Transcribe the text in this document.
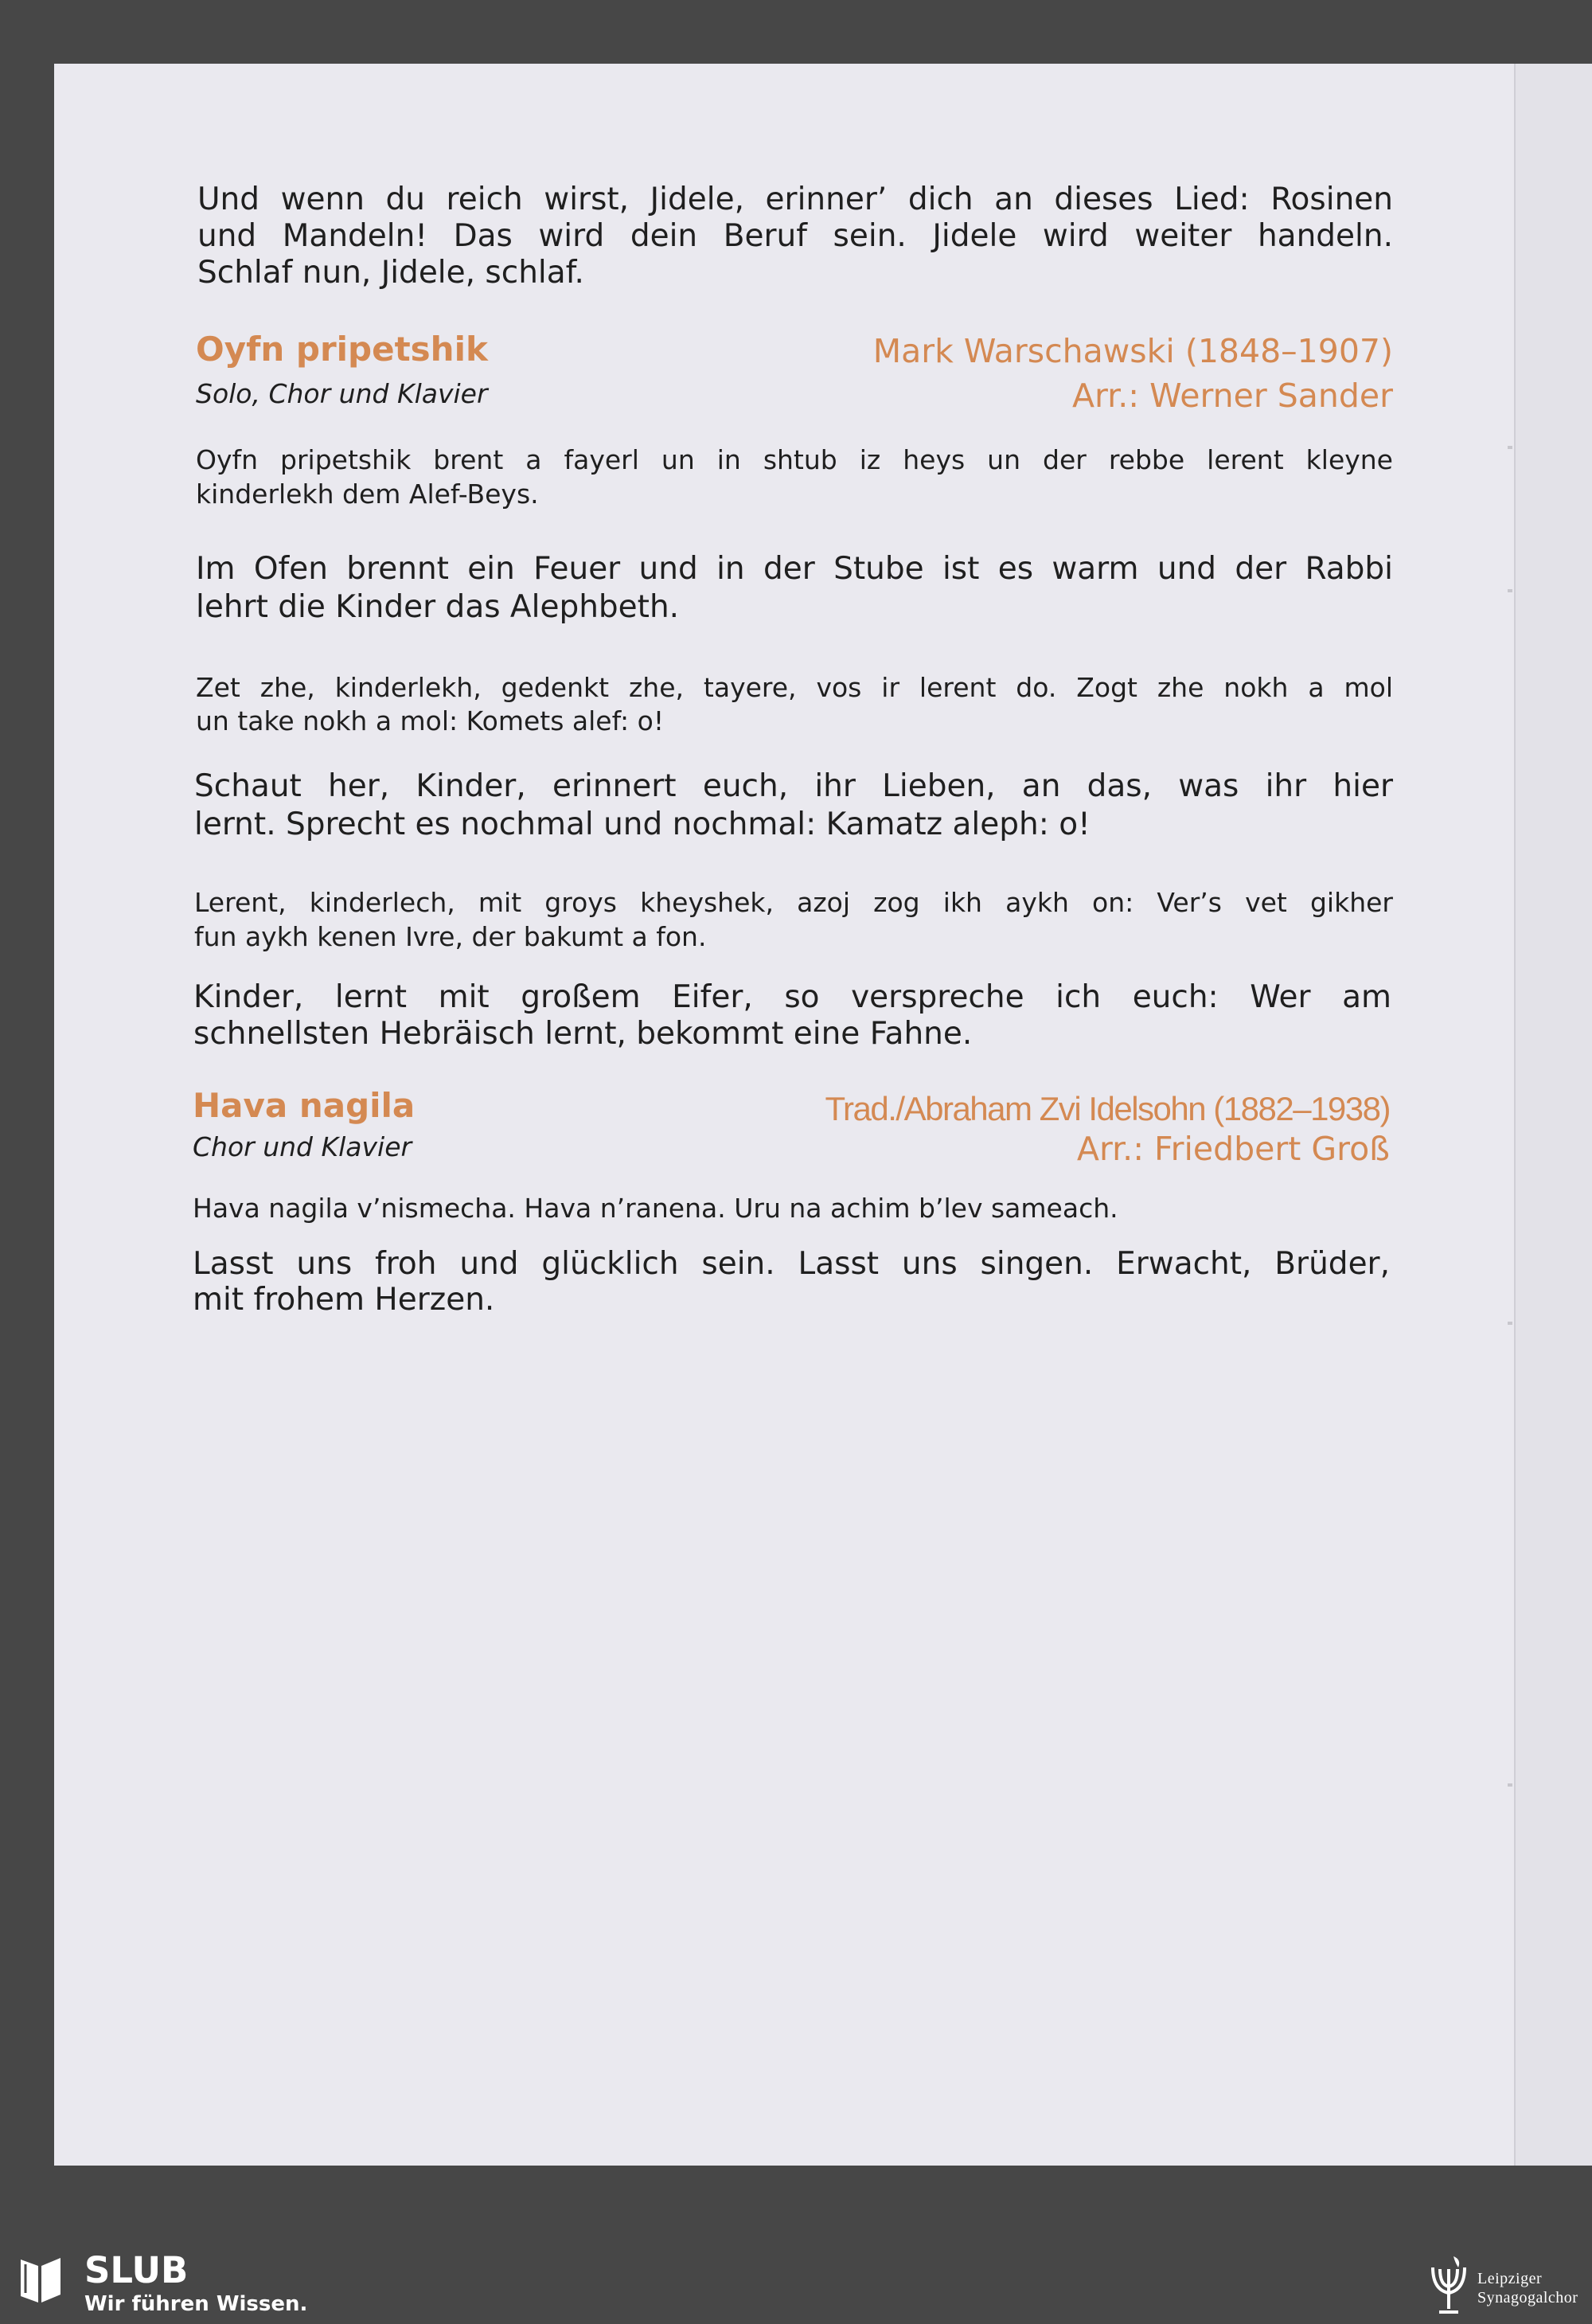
Und wenn du reich wirst, Jidele, erinner’ dich an dieses Lied: Rosinen
und Mandeln! Das wird dein Beruf sein. Jidele wird weiter handeln.
Schlaf nun, Jidele, schlaf.
Oyfn pripetshik	Mark Warschawski (1848–1907)
Solo, Chor und Klavier	Arr.: Werner Sander
Oyfn pripetshik brent a fayerl un in shtub iz heys un der rebbe lerent kleyne
kinderlekh dem Alef-Beys.
Im Ofen brennt ein Feuer und in der Stube ist es warm und der Rabbi
lehrt die Kinder das Alephbeth.
Zet zhe, kinderlekh, gedenkt zhe, tayere, vos ir lerent do. Zogt zhe nokh a mol
un take nokh a mol: Komets alef: o!
Schaut her, Kinder, erinnert euch, ihr Lieben, an das, was ihr hier
lernt. Sprecht es nochmal und nochmal: Kamatz aleph: o!
Lerent, kinderlech, mit groys kheyshek, azoj zog ikh aykh on: Ver’s vet gikher
fun aykh kenen Ivre, der bakumt a fon.
Kinder, lernt mit großem Eifer, so verspreche ich euch: Wer am
schnellsten Hebräisch lernt, bekommt eine Fahne.
Hava nagila	Trad./Abraham Zvi Idelsohn (1882–1938)
Chor und Klavier	Arr.: Friedbert Groß
Hava nagila v’nismecha. Hava n’ranena. Uru na achim b’lev sameach.
Lasst uns froh und glücklich sein. Lasst uns singen. Erwacht, Brüder,
mit frohem Herzen.
SLUB
Wir führen Wissen.
Leipziger
Synagogalchor
